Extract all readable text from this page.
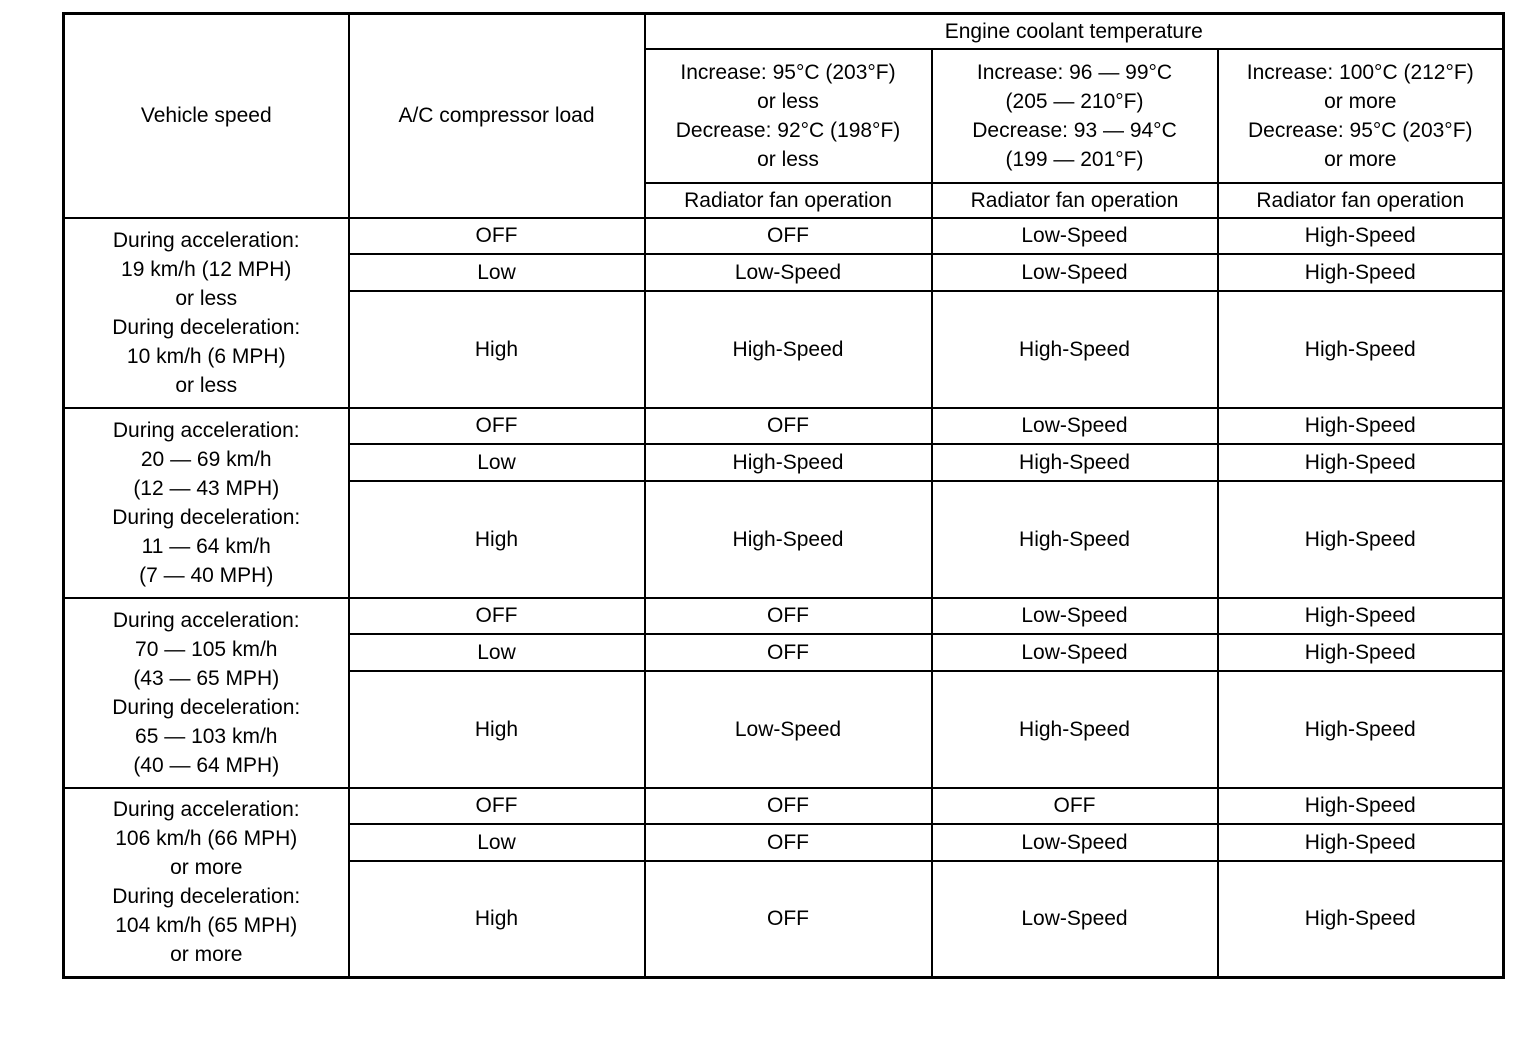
Vehicle speed	A/C compressor load	Engine coolant temperature		

		Increase: 95°C (203°F)
or less
Decrease: 92°C (198°F)
or less	Increase: 96 — 99°C
(205 — 210°F)
Decrease: 93 — 94°C
(199 — 201°F)	Increase: 100°C (212°F)
or more
Decrease: 95°C (203°F)
or more

		Radiator fan operation	Radiator fan operation	Radiator fan operation

During acceleration:
19 km/h (12 MPH)
or less
During deceleration:
10 km/h (6 MPH)
or less
	OFF	OFF	Low-Speed	High-Speed
	Low	Low-Speed	Low-Speed	High-Speed
	High	High-Speed	High-Speed	High-Speed

During acceleration:
20 — 69 km/h
(12 — 43 MPH)
During deceleration:
11 — 64 km/h
(7 — 40 MPH)
	OFF	OFF	Low-Speed	High-Speed
	Low	High-Speed	High-Speed	High-Speed
	High	High-Speed	High-Speed	High-Speed

During acceleration:
70 — 105 km/h
(43 — 65 MPH)
During deceleration:
65 — 103 km/h
(40 — 64 MPH)
	OFF	OFF	Low-Speed	High-Speed
	Low	OFF	Low-Speed	High-Speed
	High	Low-Speed	High-Speed	High-Speed

During acceleration:
106 km/h (66 MPH)
or more
During deceleration:
104 km/h (65 MPH)
or more
	OFF	OFF	OFF	High-Speed
	Low	OFF	Low-Speed	High-Speed
	High	OFF	Low-Speed	High-Speed
